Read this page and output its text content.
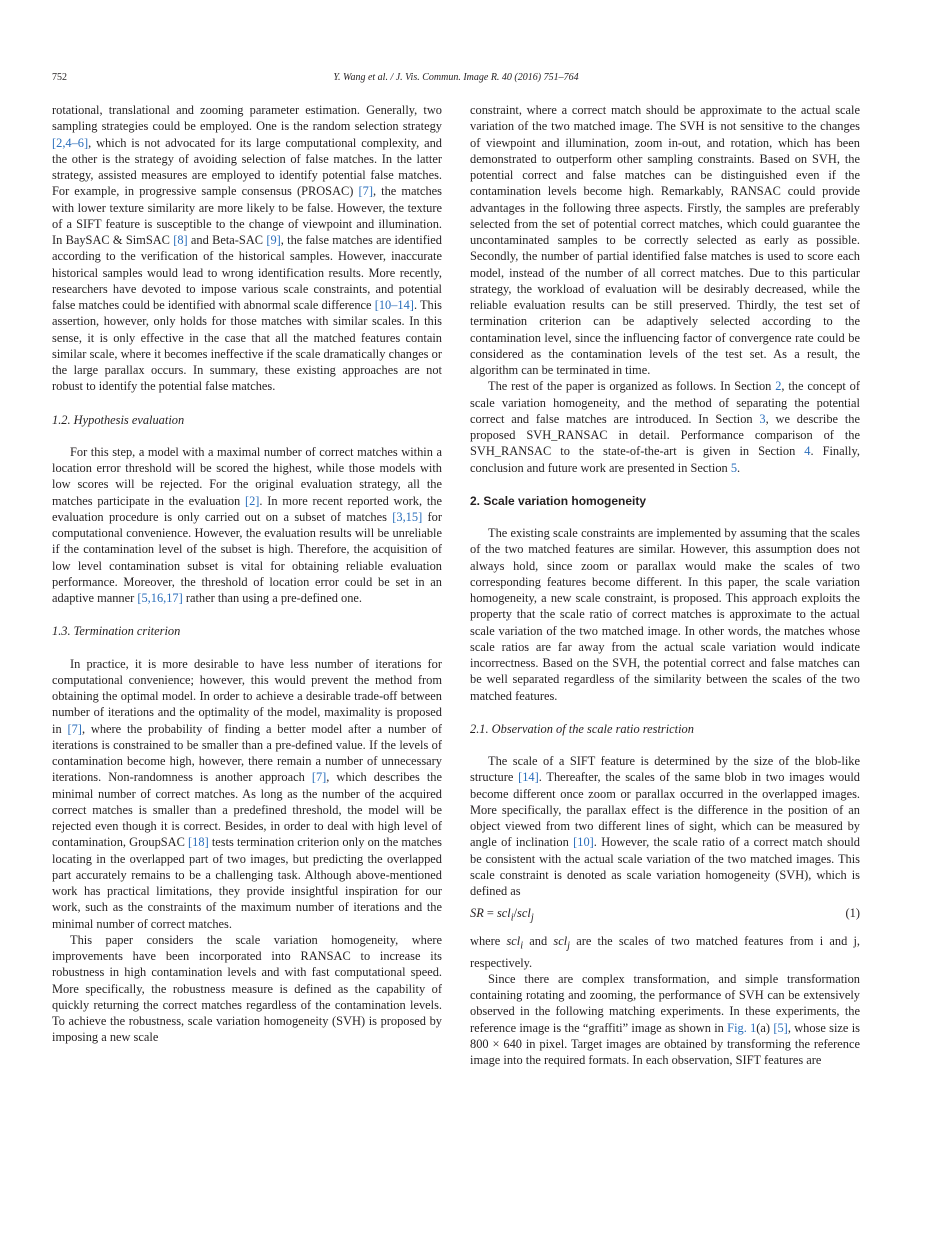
752	Y. Wang et al. / J. Vis. Commun. Image R. 40 (2016) 751–764

rotational, translational and zooming parameter estimation. Generally, two sampling strategies could be employed. One is the random selection strategy [2,4–6], which is not advocated for its large computational complexity, and the other is the strategy of avoiding selection of false matches. In the latter strategy, assisted measures are employed to identify potential false matches. For example, in progressive sample consensus (PROSAC) [7], the matches with lower texture similarity are more likely to be false. However, the texture of a SIFT feature is susceptible to the change of viewpoint and illumination. In BaySAC & SimSAC [8] and Beta-SAC [9], the false matches are identified according to the verification of the historical samples. However, inaccurate historical samples would lead to wrong identification results. More recently, researchers have devoted to impose various scale constraints, and potential false matches could be identified with abnormal scale difference [10–14]. This assertion, however, only holds for those matches with similar scales. In this sense, it is only effective in the case that all the matched features contain similar scale, where it becomes ineffective if the scale dramatically changes or the large parallax occurs. In summary, these existing approaches are not robust to identify the potential false matches.

1.2. Hypothesis evaluation

For this step, a model with a maximal number of correct matches within a location error threshold will be scored the highest, while those models with low scores will be rejected. For the original evaluation strategy, all the matches participate in the evaluation [2]. In more recent reported work, the evaluation procedure is only carried out on a subset of matches [3,15] for computational convenience. However, the evaluation results will be unreliable if the contamination level of the subset is high. Therefore, the acquisition of low level contamination subset is vital for obtaining reliable evaluation performance. Moreover, the threshold of location error could be set in an adaptive manner [5,16,17] rather than using a pre-defined one.

1.3. Termination criterion

In practice, it is more desirable to have less number of iterations for computational convenience; however, this would prevent the method from obtaining the optimal model. In order to achieve a desirable trade-off between number of iterations and the optimality of the model, maximality is proposed in [7], where the probability of finding a better model after a number of iterations is constrained to be smaller than a pre-defined value. If the levels of contamination become high, however, there remain a number of unnecessary iterations. Non-randomness is another approach [7], which describes the minimal number of correct matches. As long as the number of the acquired correct matches is smaller than a predefined threshold, the model will be rejected even though it is correct. Besides, in order to deal with high level of contamination, GroupSAC [18] tests termination criterion only on the matches locating in the overlapped part of two images, but predicting the overlapped part accurately remains to be a challenging task. Although above-mentioned work has practical limitations, they provide insightful inspiration for our work, such as the constraints of the maximum number of iterations and the minimal number of correct matches.

This paper considers the scale variation homogeneity, where improvements have been incorporated into RANSAC to increase its robustness in high contamination levels and with fast computational speed. More specifically, the robustness measure is defined as the capability of quickly returning the correct matches regardless of the contamination levels. To achieve the robustness, scale variation homogeneity (SVH) is proposed by imposing a new scale

constraint, where a correct match should be approximate to the actual scale variation of the two matched image. The SVH is not sensitive to the changes of viewpoint and illumination, zoom in-out, and rotation, which has been demonstrated to outperform other sampling constraints. Based on SVH, the potential correct and false matches can be distinguished even if the contamination levels become high. Remarkably, RANSAC could provide advantages in the following three aspects. Firstly, the samples are preferably selected from the set of potential correct matches, which could guarantee the uncontaminated samples to be correctly selected as early as possible. Secondly, the number of partial identified false matches is used to score each model, instead of the number of all correct matches. Due to this particular strategy, the workload of evaluation will be desirably decreased, while the reliable evaluation results can be still preserved. Thirdly, the test set of termination criterion can be adaptively selected according to the contamination level, since the influencing factor of convergence rate could be considered as the contamination levels of the test set. As a result, the algorithm can be terminated in time.

The rest of the paper is organized as follows. In Section 2, the concept of scale variation homogeneity, and the method of separating the potential correct and false matches are introduced. In Section 3, we describe the proposed SVH_RANSAC in detail. Performance comparison of the SVH_RANSAC to the state-of-the-art is given in Section 4. Finally, conclusion and future work are presented in Section 5.

2. Scale variation homogeneity

The existing scale constraints are implemented by assuming that the scales of the two matched features are similar. However, this assumption does not always hold, since zoom or parallax would make the scales of two corresponding features become different. In this paper, the scale variation homogeneity, a new scale constraint, is proposed. This approach exploits the property that the scale ratio of correct matches is approximate to the actual scale variation of the two matched image. In other words, the matches whose scale ratios are far away from the actual scale variation would indicate incorrectness. Based on the SVH, the potential correct and false matches can be well separated regardless of the similarity between the scales of the two matched features.

2.1. Observation of the scale ratio restriction

The scale of a SIFT feature is determined by the size of the blob-like structure [14]. Thereafter, the scales of the same blob in two images would become different once zoom or parallax occurred in the overlapped images. More specifically, the parallax effect is the difference in the position of an object viewed from two different lines of sight, which can be measured by angle of inclination [10]. However, the scale ratio of a correct match should be consistent with the actual scale variation of the two matched images. This scale constraint is denoted as scale variation homogeneity (SVH), which is defined as

SR = scl$_i$/scl$_j$	(1)

where scl$_i$ and scl$_j$ are the scales of two matched features from i and j, respectively.

Since there are complex transformation, and simple transformation containing rotating and zooming, the performance of SVH can be extensively observed in the following matching experiments. In these experiments, the reference image is the “graffiti” image as shown in Fig. 1(a) [5], whose size is 800 × 640 in pixel. Target images are obtained by transforming the reference image into the required formats. In each observation, SIFT features are
